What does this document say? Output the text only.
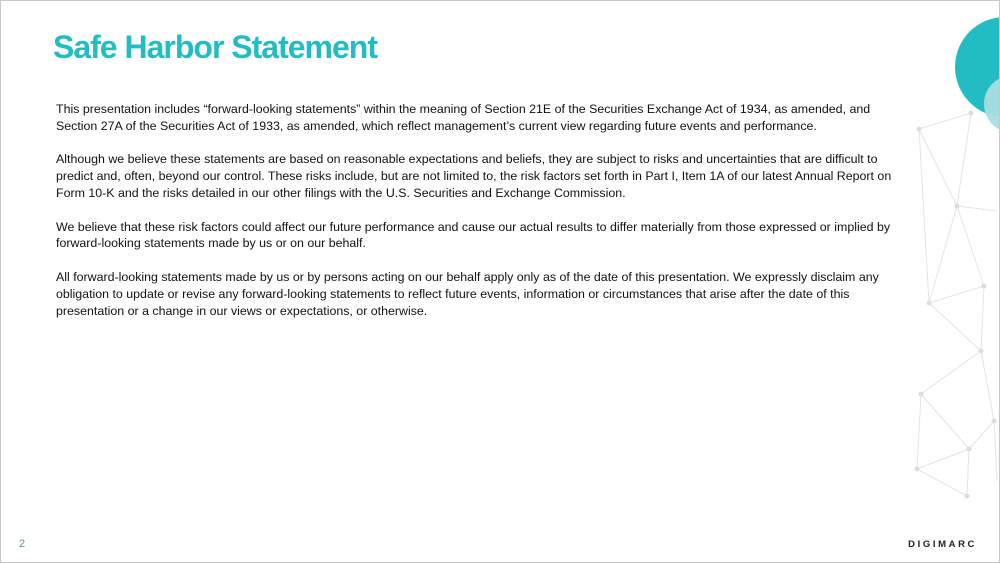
Safe Harbor Statement

This presentation includes “forward-looking statements” within the meaning of Section 21E of the Securities Exchange Act of 1934, as amended, and Section 27A of the Securities Act of 1933, as amended, which reflect management’s current view regarding future events and performance.

Although we believe these statements are based on reasonable expectations and beliefs, they are subject to risks and uncertainties that are difficult to predict and, often, beyond our control. These risks include, but are not limited to, the risk factors set forth in Part I, Item 1A of our latest Annual Report on Form 10-K and the risks detailed in our other filings with the U.S. Securities and Exchange Commission.

We believe that these risk factors could affect our future performance and cause our actual results to differ materially from those expressed or implied by forward-looking statements made by us or on our behalf.

All forward-looking statements made by us or by persons acting on our behalf apply only as of the date of this presentation. We expressly disclaim any obligation to update or revise any forward-looking statements to reflect future events, information or circumstances that arise after the date of this presentation or a change in our views or expectations, or otherwise.

2	DIGIMARC
